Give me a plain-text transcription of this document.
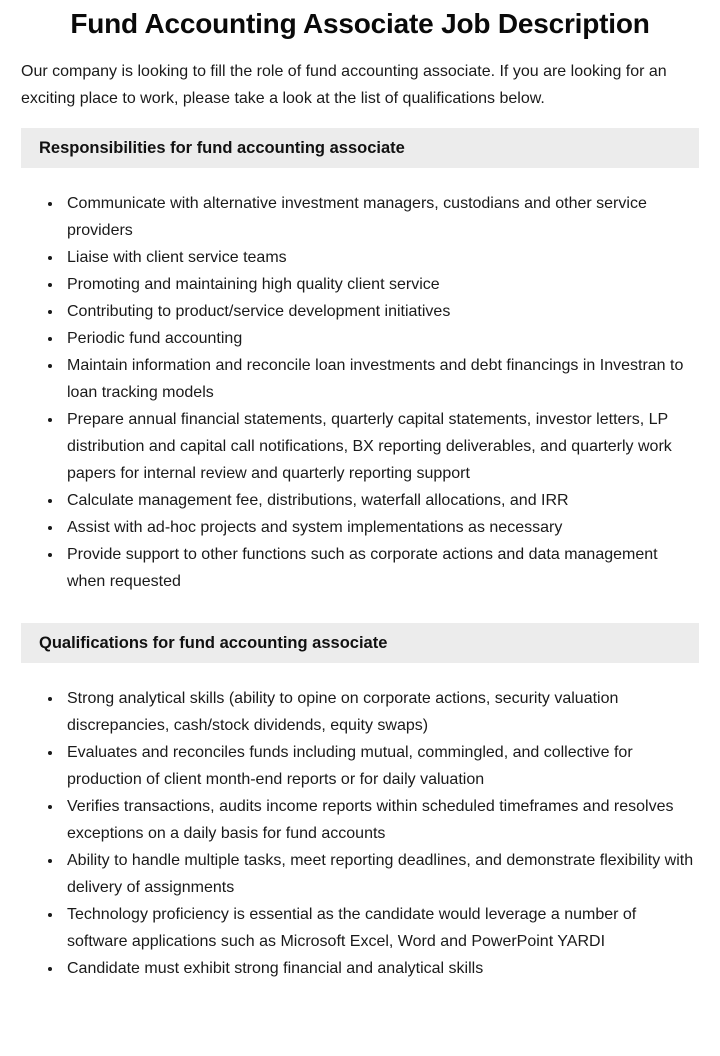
Fund Accounting Associate Job Description

Our company is looking to fill the role of fund accounting associate. If you are looking for an exciting place to work, please take a look at the list of qualifications below.

Responsibilities for fund accounting associate
• Communicate with alternative investment managers, custodians and other service providers
• Liaise with client service teams
• Promoting and maintaining high quality client service
• Contributing to product/service development initiatives
• Periodic fund accounting
• Maintain information and reconcile loan investments and debt financings in Investran to loan tracking models
• Prepare annual financial statements, quarterly capital statements, investor letters, LP distribution and capital call notifications, BX reporting deliverables, and quarterly work papers for internal review and quarterly reporting support
• Calculate management fee, distributions, waterfall allocations, and IRR
• Assist with ad-hoc projects and system implementations as necessary
• Provide support to other functions such as corporate actions and data management when requested
Qualifications for fund accounting associate
• Strong analytical skills (ability to opine on corporate actions, security valuation discrepancies, cash/stock dividends, equity swaps)
• Evaluates and reconciles funds including mutual, commingled, and collective for production of client month-end reports or for daily valuation
• Verifies transactions, audits income reports within scheduled timeframes and resolves exceptions on a daily basis for fund accounts
• Ability to handle multiple tasks, meet reporting deadlines, and demonstrate flexibility with delivery of assignments
• Technology proficiency is essential as the candidate would leverage a number of software applications such as Microsoft Excel, Word and PowerPoint YARDI
• Candidate must exhibit strong financial and analytical skills
